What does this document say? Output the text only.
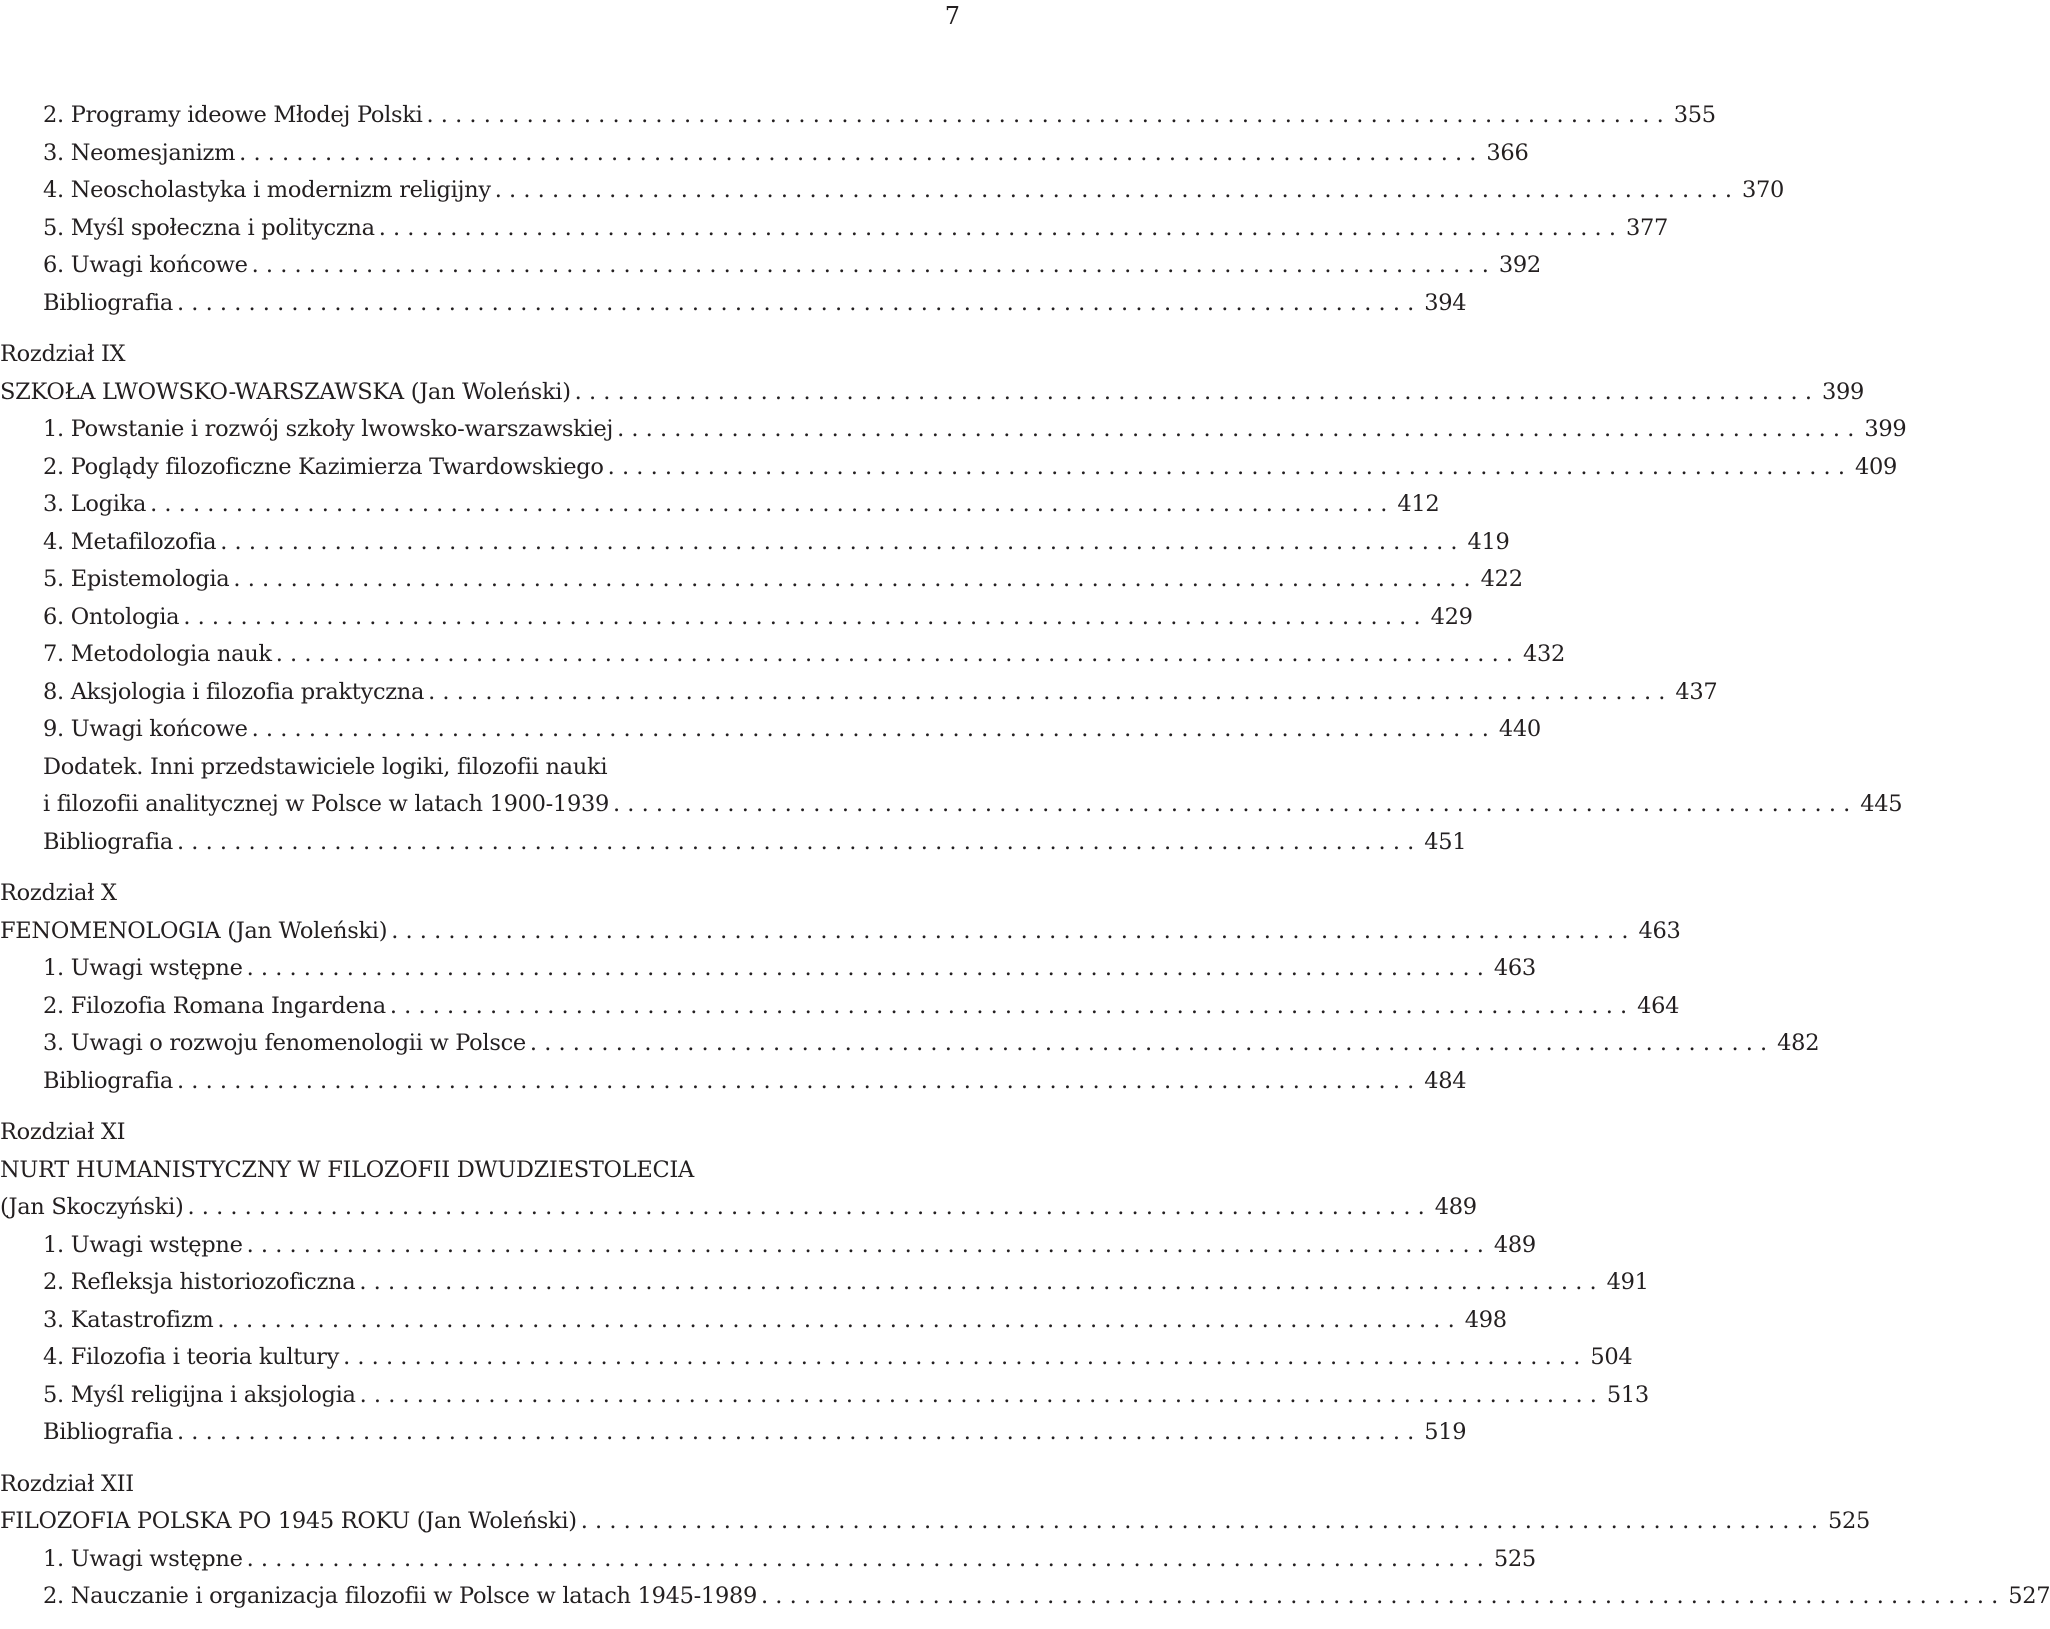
7
2. Programy ideowe Młodej Polski . . .	355
3. Neomesjanizm . . .	366
4. Neoscholastyka i modernizm religijny . . .	370
5. Myśl społeczna i polityczna . . .	377
6. Uwagi końcowe . . .	392
Bibliografia . . .	394
Rozdział IX
SZKOŁA LWOWSKO-WARSZAWSKA (Jan Woleński) . . .	399
1. Powstanie i rozwój szkoły lwowsko-warszawskiej . . .	399
2. Poglądy filozoficzne Kazimierza Twardowskiego . . .	409
3. Logika . . .	412
4. Metafilozofia . . .	419
5. Epistemologia . . .	422
6. Ontologia . . .	429
7. Metodologia nauk . . .	432
8. Aksjologia i filozofia praktyczna . . .	437
9. Uwagi końcowe . . .	440
Dodatek. Inni przedstawiciele logiki, filozofii nauki
i filozofii analitycznej w Polsce w latach 1900-1939 . . .	445
Bibliografia . . .	451
Rozdział X
FENOMENOLOGIA (Jan Woleński) . . .	463
1. Uwagi wstępne . . .	463
2. Filozofia Romana Ingardena . . .	464
3. Uwagi o rozwoju fenomenologii w Polsce . . .	482
Bibliografia . . .	484
Rozdział XI
NURT HUMANISTYCZNY W FILOZOFII DWUDZIESTOLECIA
(Jan Skoczyński) . . .	489
1. Uwagi wstępne . . .	489
2. Refleksja historiozoficzna . . .	491
3. Katastrofizm . . .	498
4. Filozofia i teoria kultury . . .	504
5. Myśl religijna i aksjologia . . .	513
Bibliografia . . .	519
Rozdział XII
FILOZOFIA POLSKA PO 1945 ROKU (Jan Woleński) . . .	525
1. Uwagi wstępne . . .	525
2. Nauczanie i organizacja filozofii w Polsce w latach 1945-1989 . . .	527
